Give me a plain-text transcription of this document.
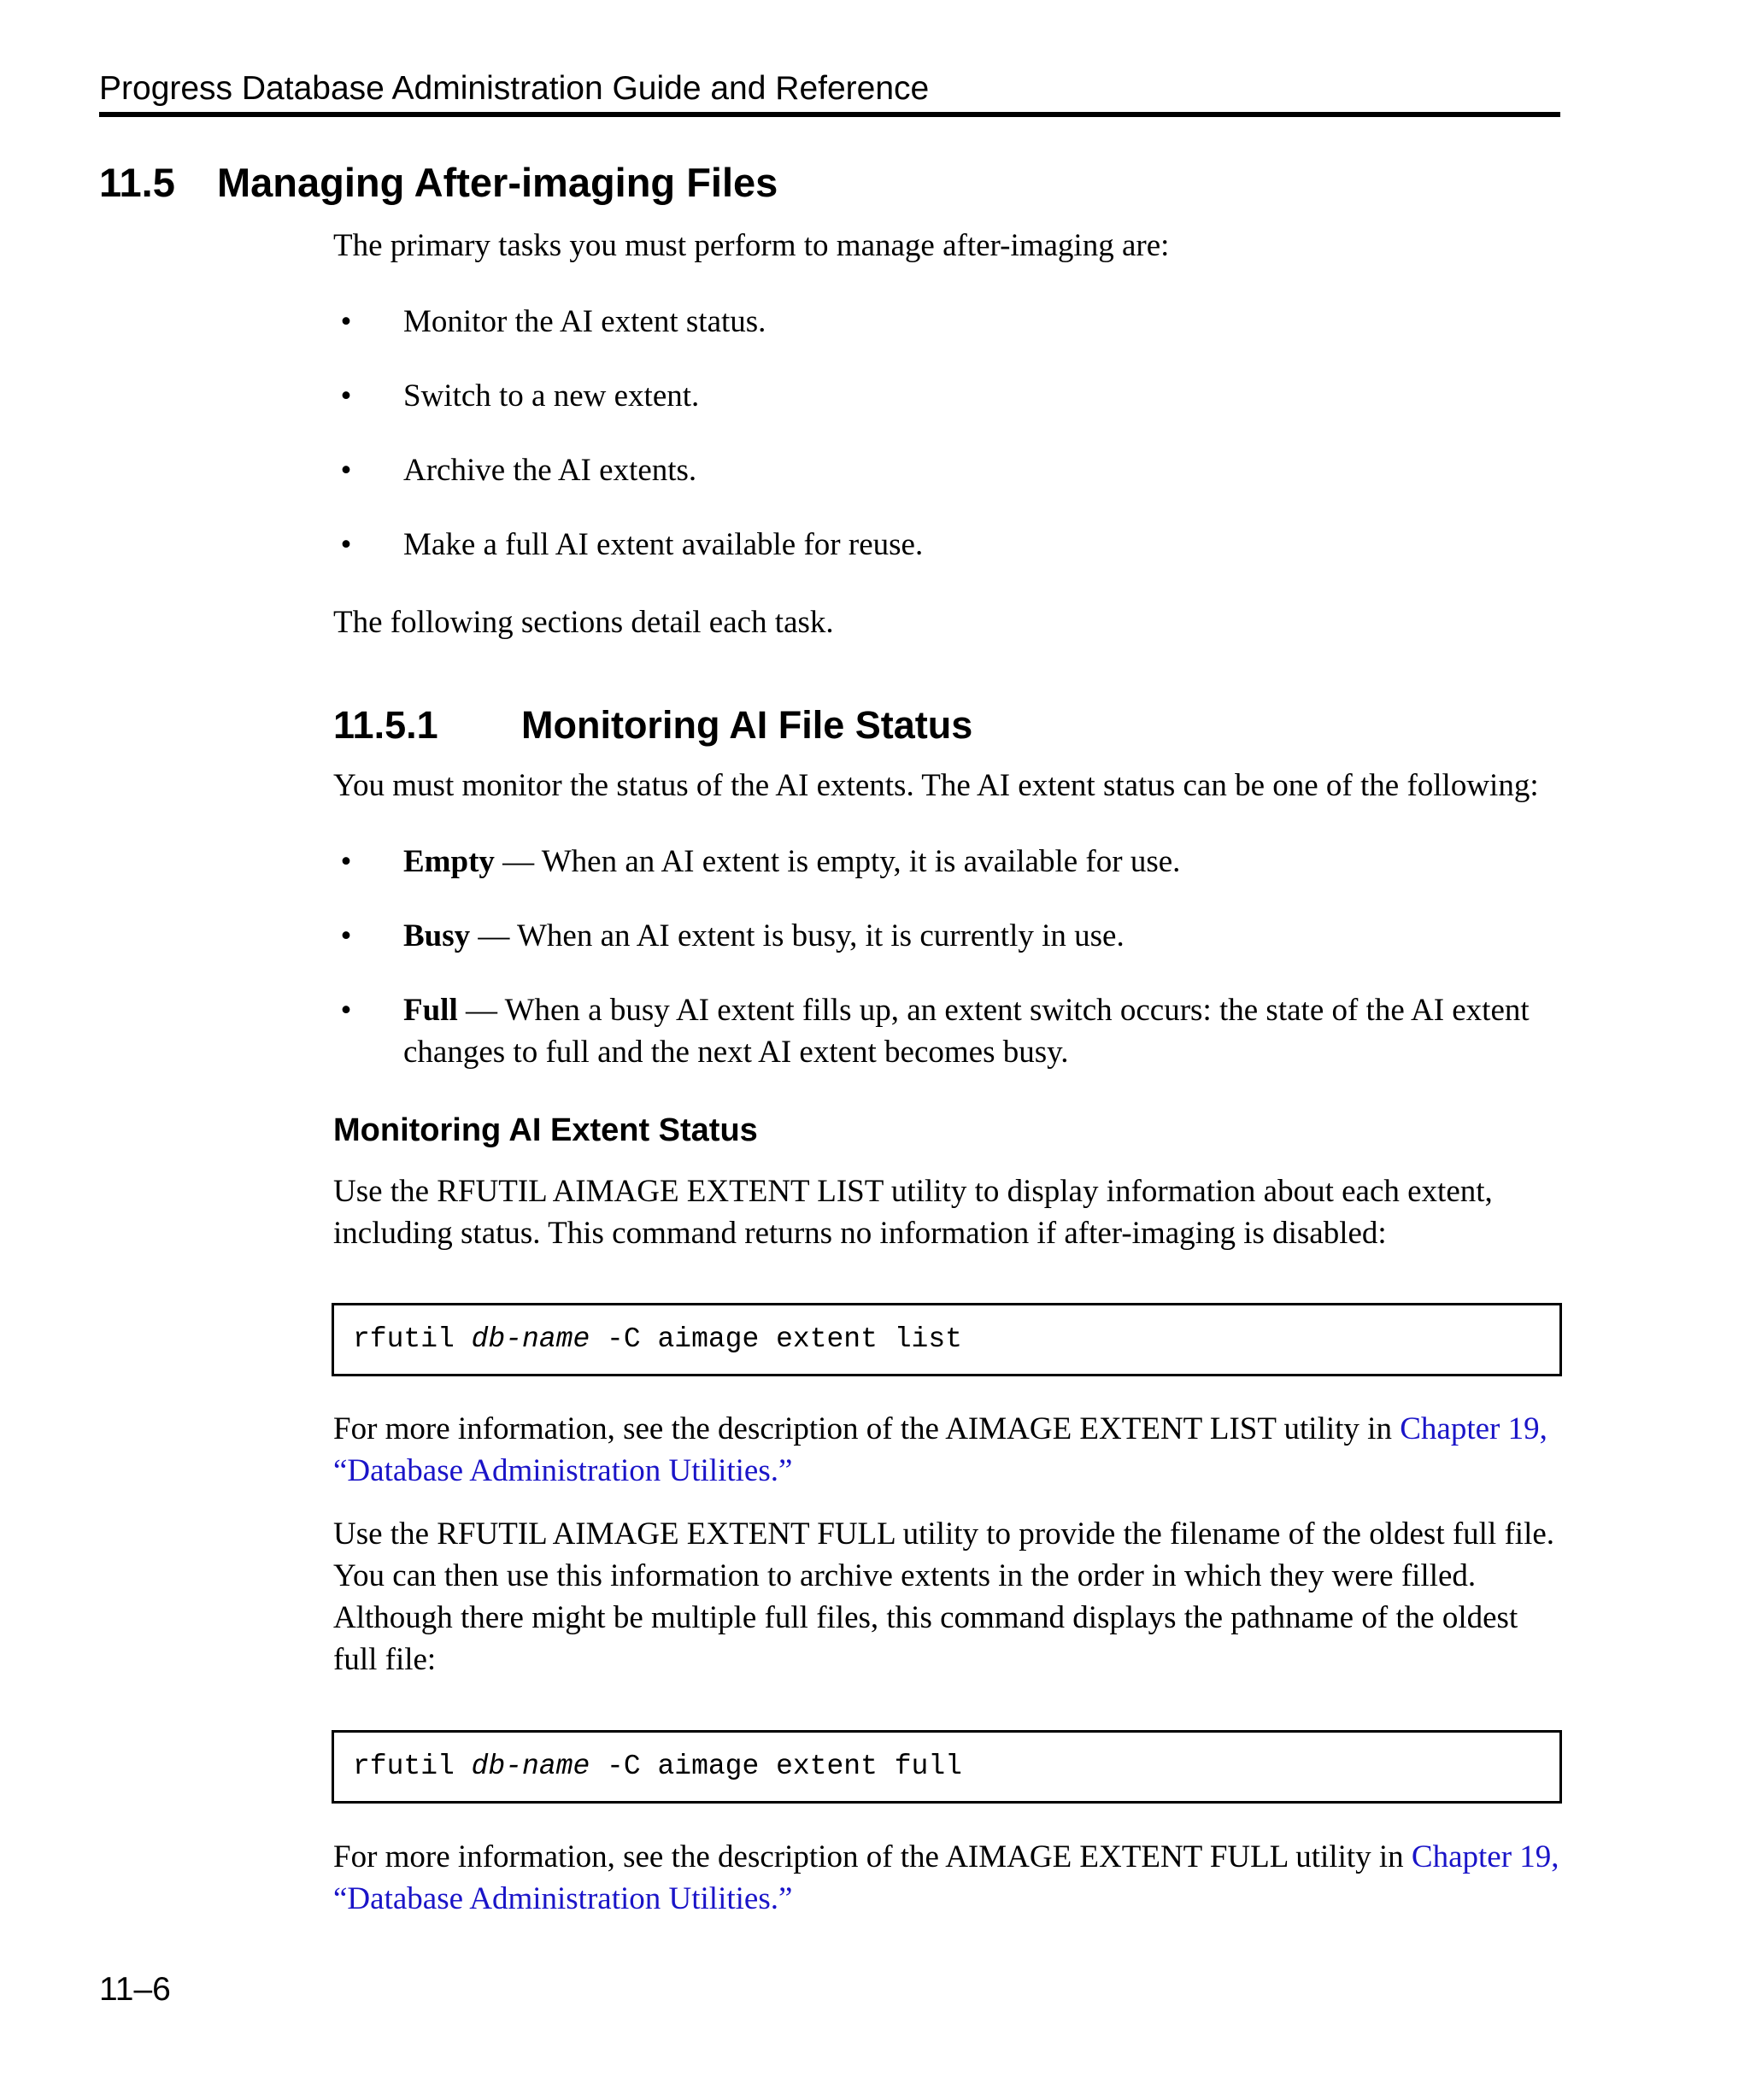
Progress Database Administration Guide and Reference
11.5 Managing After-imaging Files
The primary tasks you must perform to manage after-imaging are:
• Monitor the AI extent status.
• Switch to a new extent.
• Archive the AI extents.
• Make a full AI extent available for reuse.
The following sections detail each task.
11.5.1 Monitoring AI File Status
You must monitor the status of the AI extents. The AI extent status can be one of the following:
• Empty — When an AI extent is empty, it is available for use.
• Busy — When an AI extent is busy, it is currently in use.
• Full — When a busy AI extent fills up, an extent switch occurs: the state of the AI extent changes to full and the next AI extent becomes busy.
Monitoring AI Extent Status
Use the RFUTIL AIMAGE EXTENT LIST utility to display information about each extent, including status. This command returns no information if after-imaging is disabled:
rfutil db-name -C aimage extent list
For more information, see the description of the AIMAGE EXTENT LIST utility in Chapter 19, “Database Administration Utilities.”
Use the RFUTIL AIMAGE EXTENT FULL utility to provide the filename of the oldest full file. You can then use this information to archive extents in the order in which they were filled. Although there might be multiple full files, this command displays the pathname of the oldest full file:
rfutil db-name -C aimage extent full
For more information, see the description of the AIMAGE EXTENT FULL utility in Chapter 19, “Database Administration Utilities.”
11–6
